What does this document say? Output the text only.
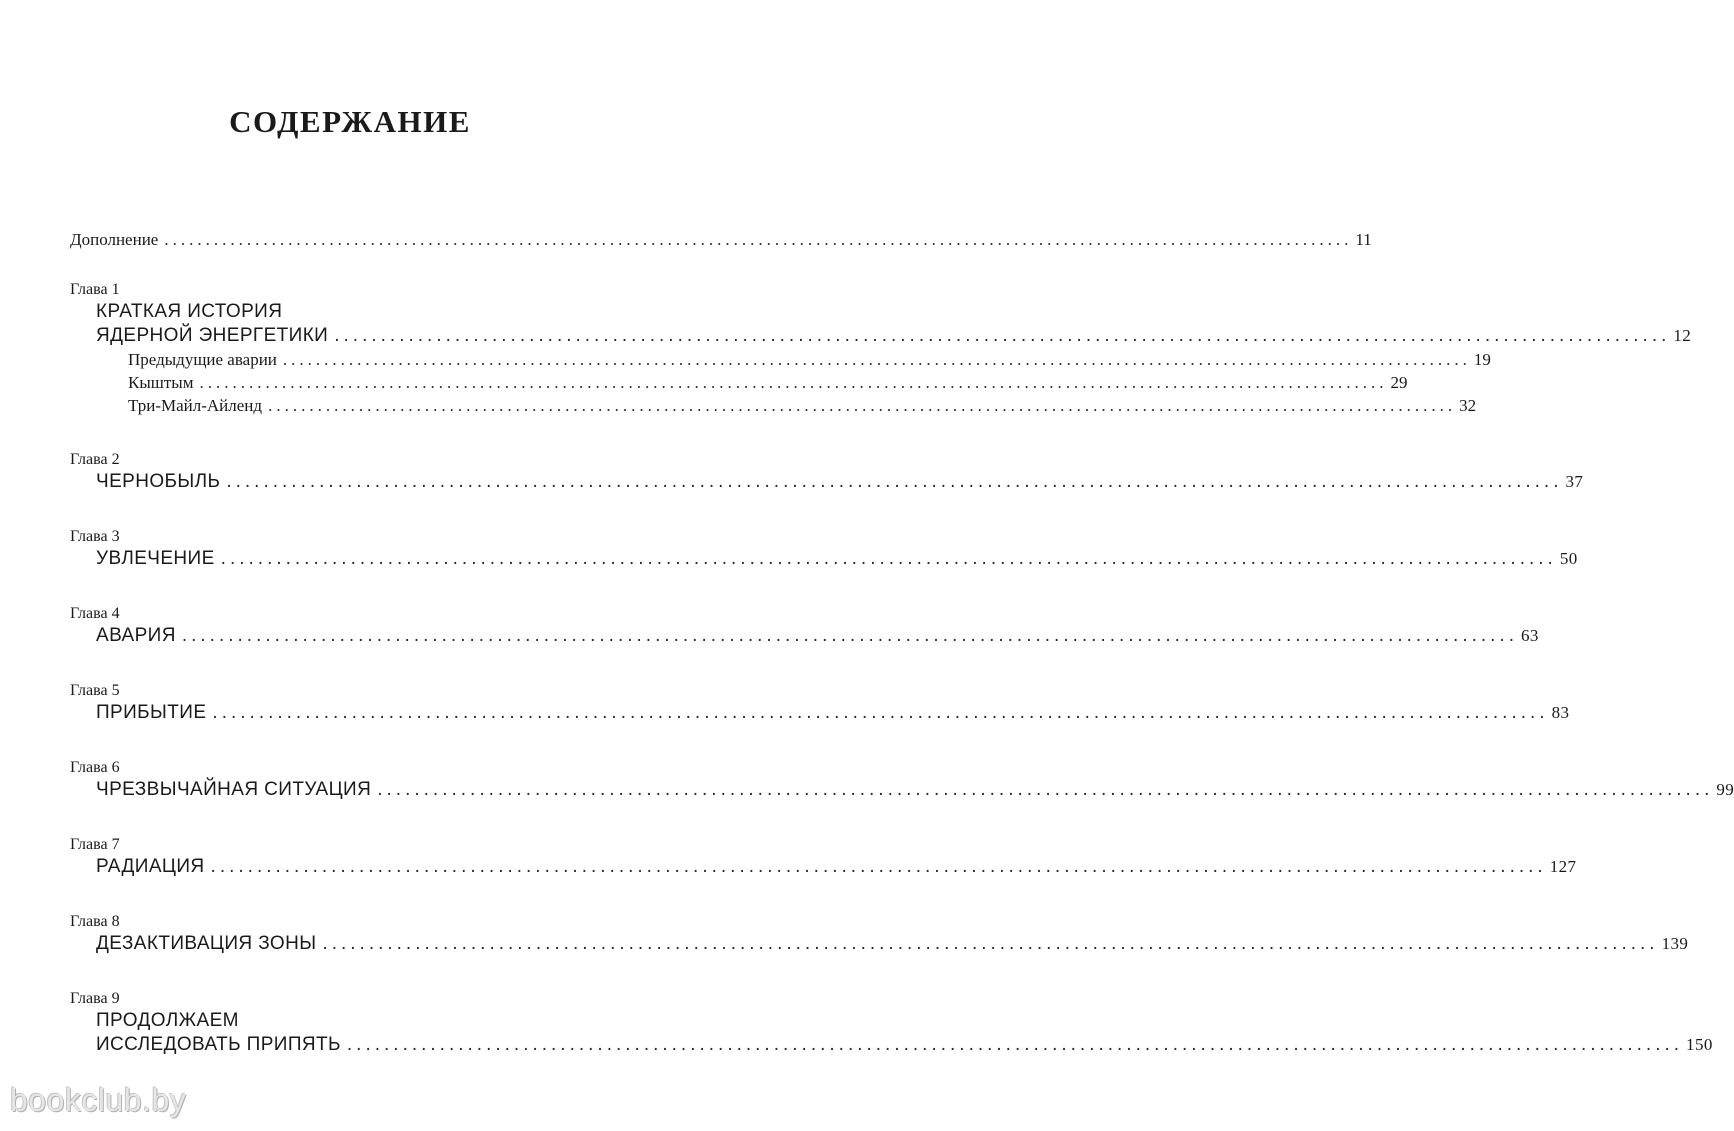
СОДЕРЖАНИЕ
Дополнение ................................................................................................................................................ 11
Глава 1
КРАТКАЯ ИСТОРИЯ
ЯДЕРНОЙ ЭНЕРГЕТИКИ ................................................................................................................................................ 12
Предыдущие аварии ................................................................................................................................................ 19
Кыштым ................................................................................................................................................ 29
Три-Майл-Айленд ................................................................................................................................................ 32
Глава 2
ЧЕРНОБЫЛЬ ................................................................................................................................................ 37
Глава 3
УВЛЕЧЕНИЕ ................................................................................................................................................ 50
Глава 4
АВАРИЯ ................................................................................................................................................ 63
Глава 5
ПРИБЫТИЕ ................................................................................................................................................ 83
Глава 6
ЧРЕЗВЫЧАЙНАЯ СИТУАЦИЯ ................................................................................................................................................ 99
Глава 7
РАДИАЦИЯ ................................................................................................................................................ 127
Глава 8
ДЕЗАКТИВАЦИЯ ЗОНЫ ................................................................................................................................................ 139
Глава 9
ПРОДОЛЖАЕМ
ИССЛЕДОВАТЬ ПРИПЯТЬ ................................................................................................................................................ 150
bookclub.by
